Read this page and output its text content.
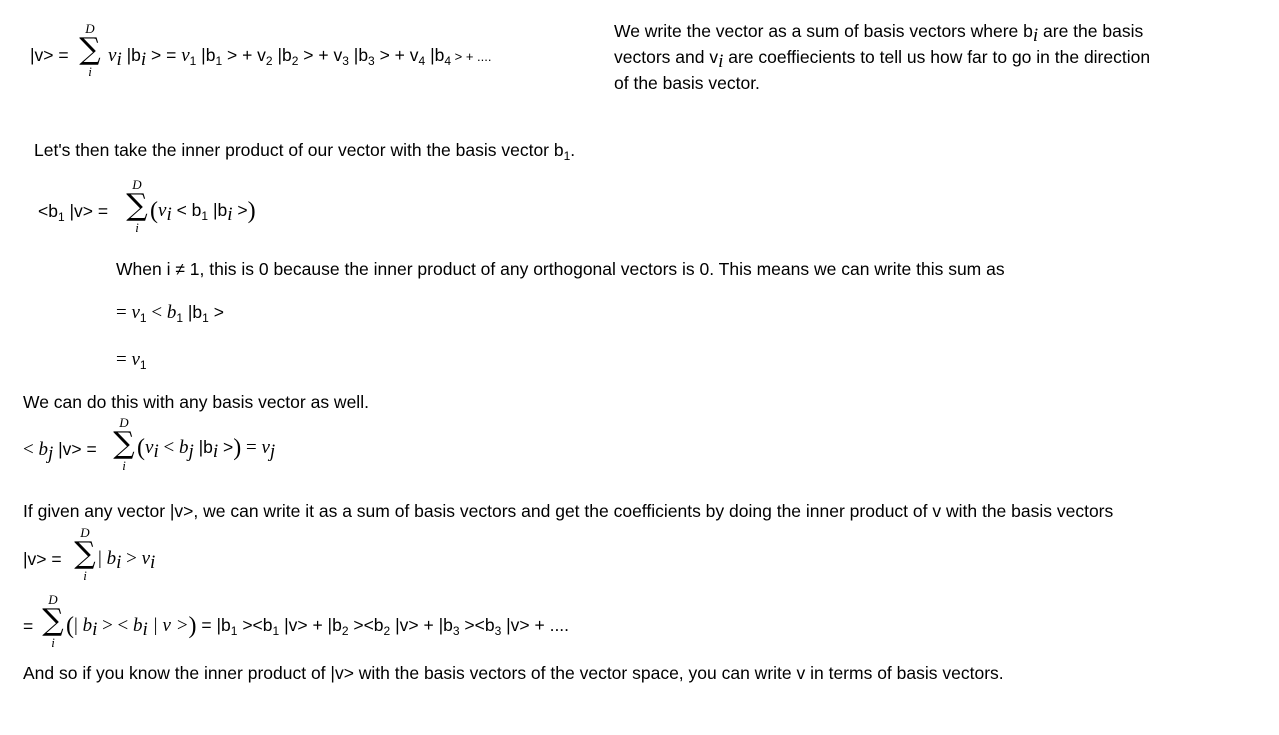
|v> =
D
∑
i
$v_i$ $|b_i$ > = $v_1$ $|b_1$ > + $v_2$ $|b_2$ > + $v_3$ $|b_3$ > + $v_4$ $|b_4$ > + ....

We write the vector as a sum of basis vectors where $b_i$ are the basis

vectors and $v_i$ are coeffiecients to tell us how far to go in the direction

of the basis vector.

Let's then take the inner product of our vector with the basis vector $b_1$.

$<b_1$ |v> =
D
∑
i
($v_i < b_1$ $|b_i$ >)

When i ≠ 1, this is 0 because the inner product of any orthogonal vectors is 0. This means we can write this sum as

= $v_1 < b_1$ $|b_1$ >
= $v_1$

We can do this with any basis vector as well.

< $b_j$ |v> =
D
∑
i
($v_i < b_j$ $|b_i$ >) = $v_j$

If given any vector |v>, we can write it as a sum of basis vectors and get the coefficients by doing the inner product of v with the basis vectors

|v> =
D
∑
i
| $b_i > v_i$
=
D
∑
i
(| $b_i$ > < $b_i$ | v >) = $|b_1 ><b_1$ $|v> + |b_2 ><b_2$ $|v> + |b_3 ><b_3$ |v> + ....

And so if you know the inner product of |v> with the basis vectors of the vector space, you can write v in terms of basis vectors.
